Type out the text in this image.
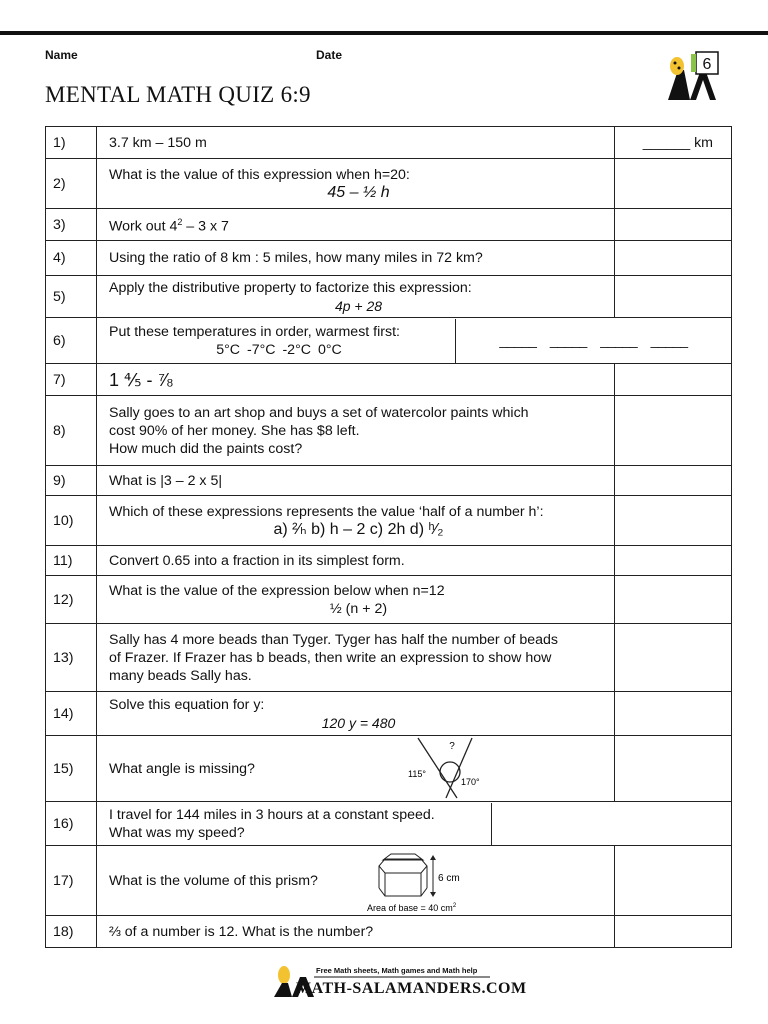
Name	Date
MENTAL MATH QUIZ 6:9
6
1)	3.7 km – 150 m	______ km
2)	
What is the value of this expression when h=20:
45 – ½ h

3)	Work out $4^2 - 3$ x 7	
4)	Using the ratio of 8 km : 5 miles, how many miles in 72 km?	
5)	
Apply the distributive property to factorize this expression:
4p + 28

6)	
Put these temperatures in order, warmest first:
5°C -7°C -2°C 0°C
	_____ _____ _____ _____

7)	1 ⅘ - ⅞	
8)	
Sally goes to an art shop and buys a set of watercolor paints which
cost 90% of her money. She has $8 left.
How much did the paints cost?

9)	What is |3 – 2 x 5|	
10)	
Which of these expressions represents the value ‘half of a number h’:
a) ²⁄ₕ b) h – 2 c) 2h d) ʰ⁄₂

11)	Convert 0.65 into a fraction in its simplest form.	
12)	
What is the value of the expression below when n=12
½ (n + 2)

13)	
Sally has 4 more beads than Tyger. Tyger has half the number of beads
of Frazer. If Frazer has b beads, then write an expression to show how
many beads Sally has.

14)	
Solve this equation for y:
120 y = 480

15)	What angle is missing?
?
115°
170°

16)	
I travel for 144 miles in 3 hours at a constant speed.
What was my speed?

17)	What is the volume of this prism?	6 cm
Area of base = 40 $cm^2$

18)	⅔ of a number is 12. What is the number?	
Free Math sheets, Math games and Math help
MATH-SALAMANDERS.COM
